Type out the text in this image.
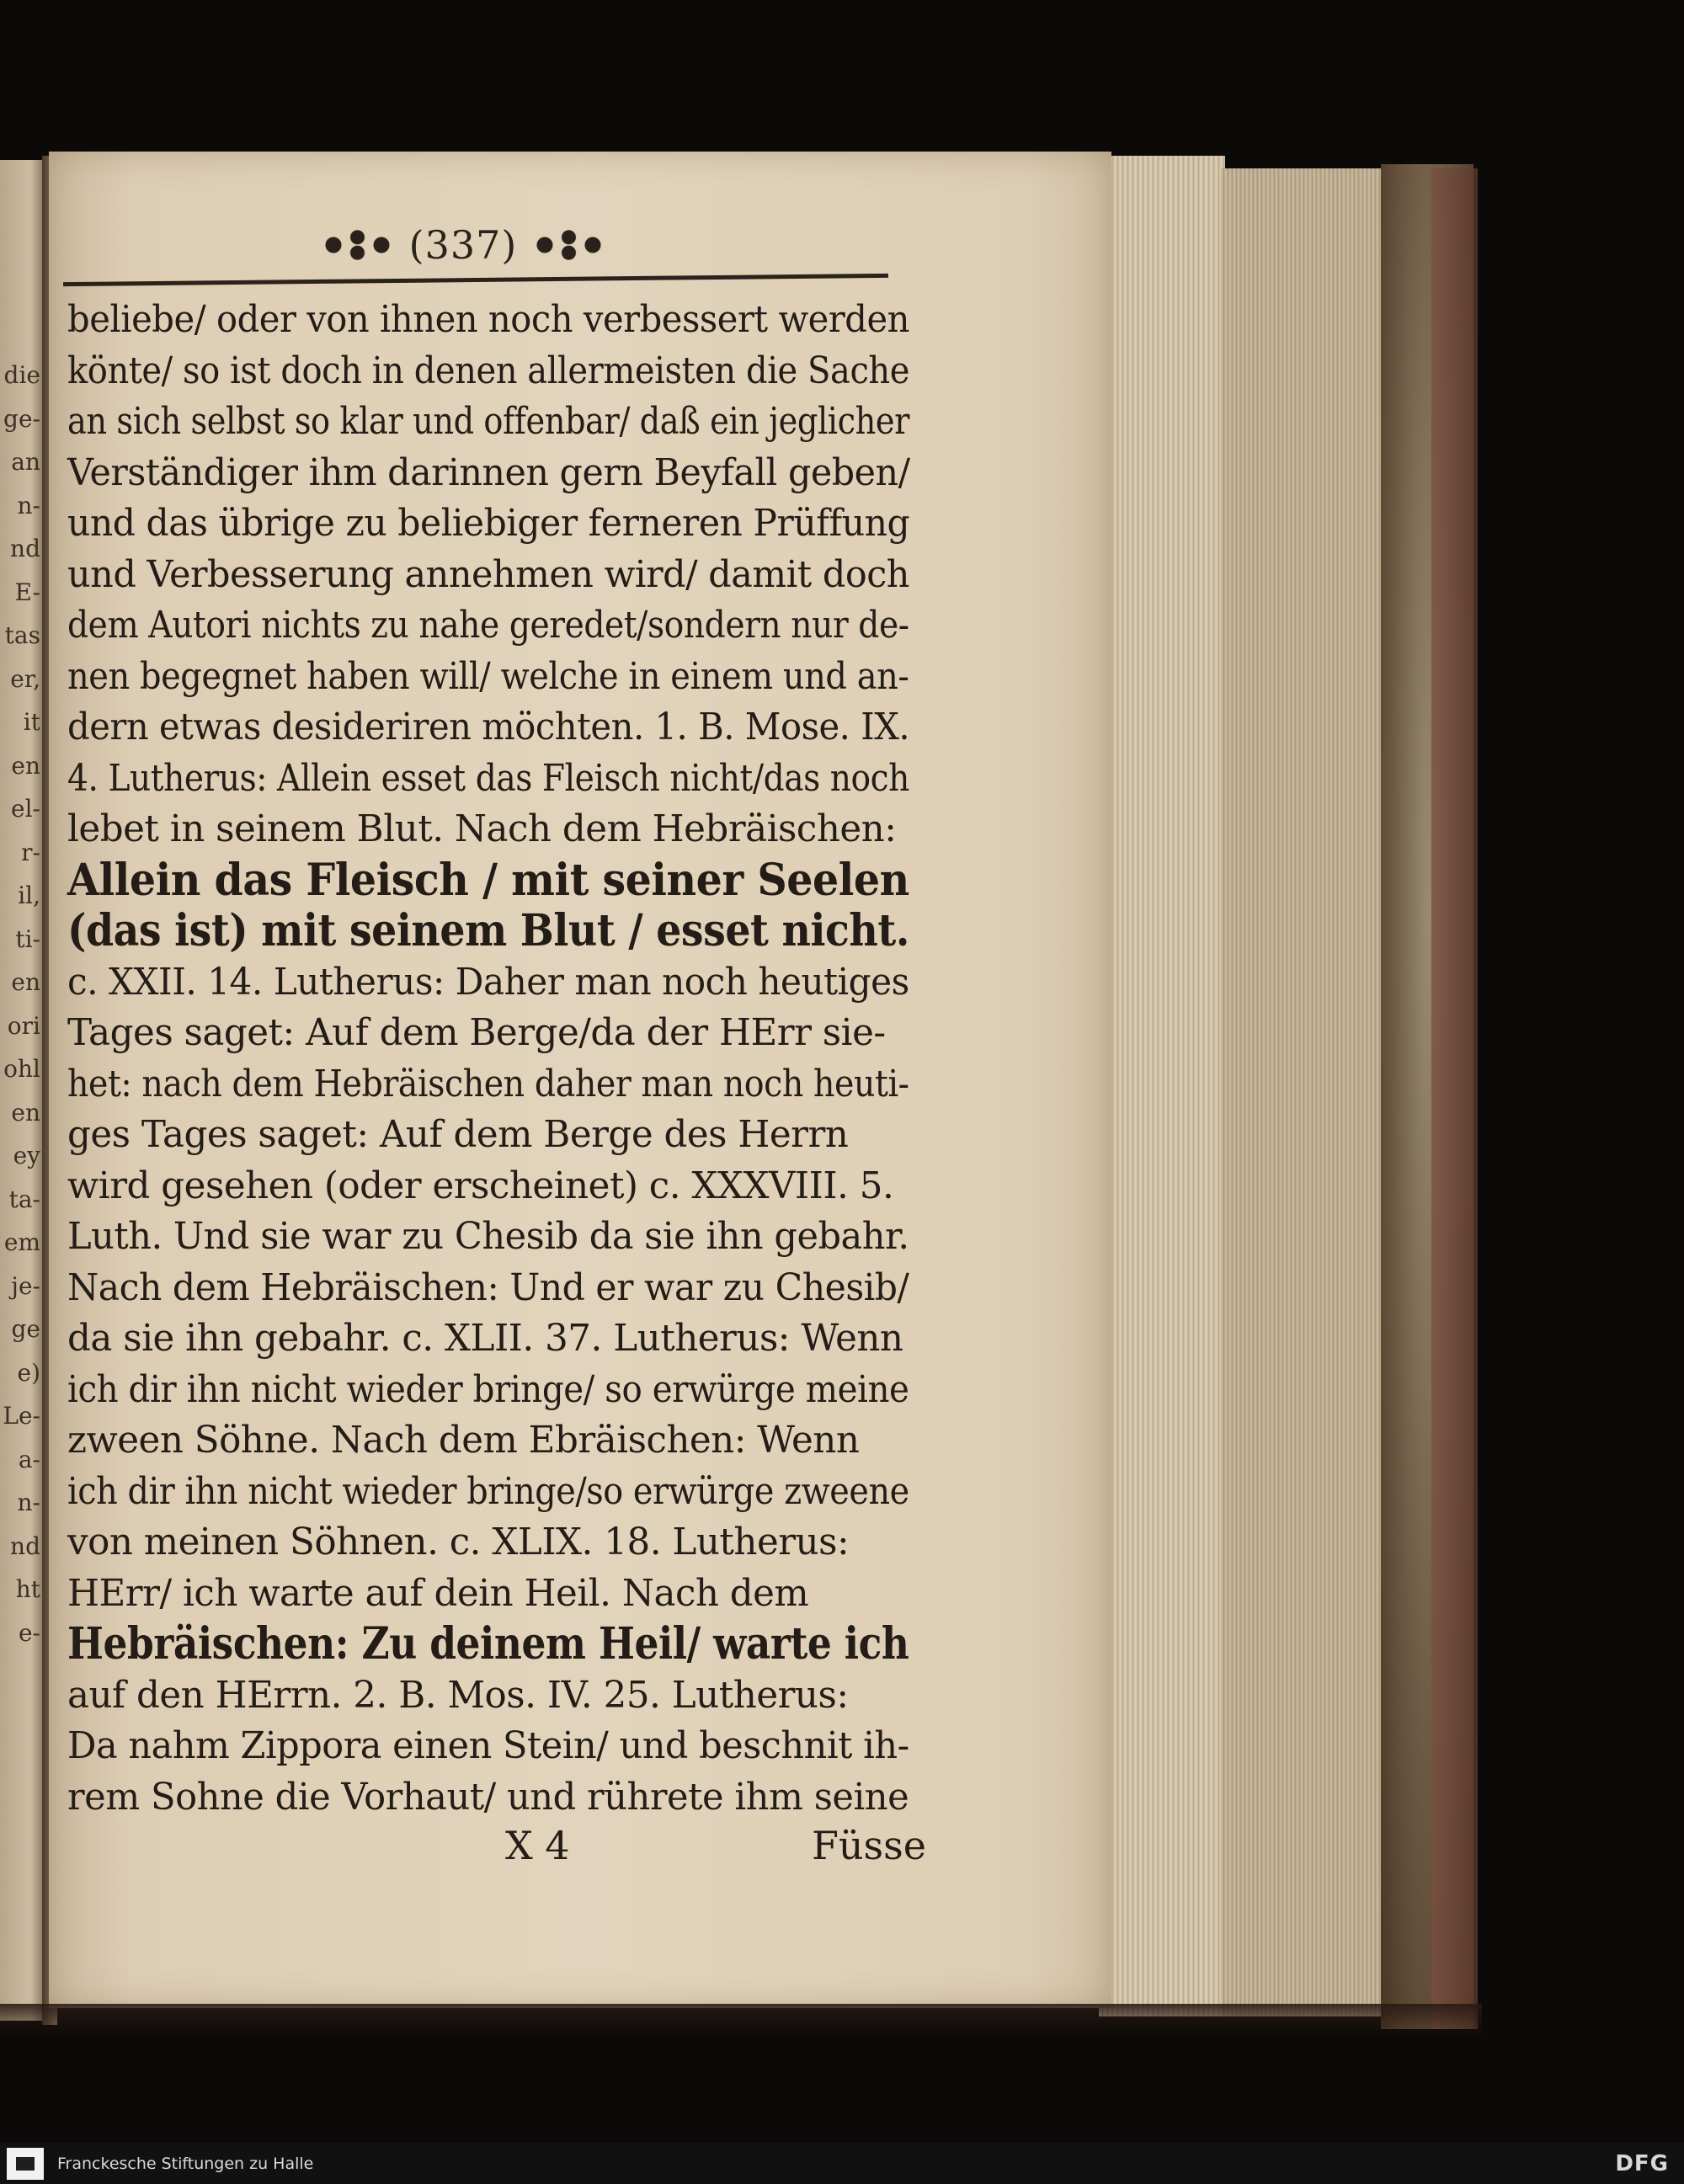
die
ge-
an
n-
nd
E-
tas
er,
it
en
el-
r-
il,
ti-
en
ori
ohl
en
ey
ta-
em
je-
ge
e)
Le-
a-
n-
nd
ht
e-
(337)
beliebe/ oder von ihnen noch verbessert werden
könte/ so ist doch in denen allermeisten die Sache
an sich selbst so klar und offenbar/ daß ein jeglicher
Verständiger ihm darinnen gern Beyfall geben/
und das übrige zu beliebiger ferneren Prüffung
und Verbesserung annehmen wird/ damit doch
dem Autori nichts zu nahe geredet/sondern nur de-
nen begegnet haben will/ welche in einem und an-
dern etwas desideriren möchten. 1. B. Mose. IX.
4. Lutherus: Allein esset das Fleisch nicht/das noch
lebet in seinem Blut. Nach dem Hebräischen:
Allein das Fleisch / mit seiner Seelen
(das ist) mit seinem Blut / esset nicht.
c. XXII. 14. Lutherus: Daher man noch heutiges
Tages saget: Auf dem Berge/da der HErr sie-
het: nach dem Hebräischen daher man noch heuti-
ges Tages saget: Auf dem Berge des Herrn
wird gesehen (oder erscheinet) c. XXXVIII. 5.
Luth. Und sie war zu Chesib da sie ihn gebahr.
Nach dem Hebräischen: Und er war zu Chesib/
da sie ihn gebahr. c. XLII. 37. Lutherus: Wenn
ich dir ihn nicht wieder bringe/ so erwürge meine
zween Söhne. Nach dem Ebräischen: Wenn
ich dir ihn nicht wieder bringe/so erwürge zweene
von meinen Söhnen. c. XLIX. 18. Lutherus:
HErr/ ich warte auf dein Heil. Nach dem
Hebräischen: Zu deinem Heil/ warte ich
auf den HErrn. 2. B. Mos. IV. 25. Lutherus:
Da nahm Zippora einen Stein/ und beschnit ih-
rem Sohne die Vorhaut/ und rührete ihm seine
X 4	Füsse
Franckesche Stiftungen zu Halle	DFG
